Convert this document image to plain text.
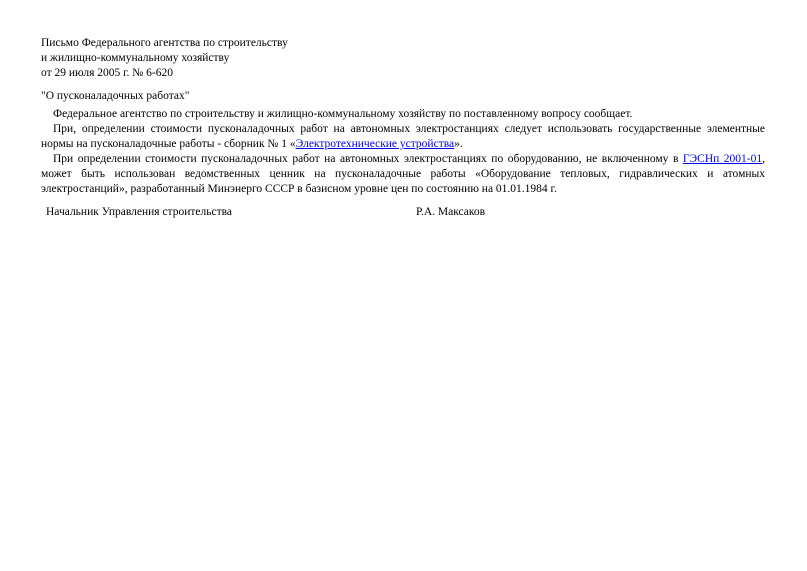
Письмо Федерального агентства по строительству
и жилищно-коммунальному хозяйству
от 29 июля 2005 г. № 6-620
"О пусконаладочных работах"

Федеральное агентство по строительству и жилищно-коммунальному хозяйству по поставленному вопросу сообщает.

При, определении стоимости пусконаладочных работ на автономных электростанциях следует использовать государственные элементные нормы на пусконаладочные работы - сборник № 1 «Электротехнические устройства».

При определении стоимости пусконаладочных работ на автономных электростанциях по оборудованию, не включенному в ГЭСНп 2001-01, может быть использован ведомственных ценник на пусконаладочные работы «Оборудование тепловых, гидравлических и атомных электростанций», разработанный Минэнерго СССР в базисном уровне цен по состоянию на 01.01.1984 г.

Начальник Управления строительства	Р.А. Максаков
